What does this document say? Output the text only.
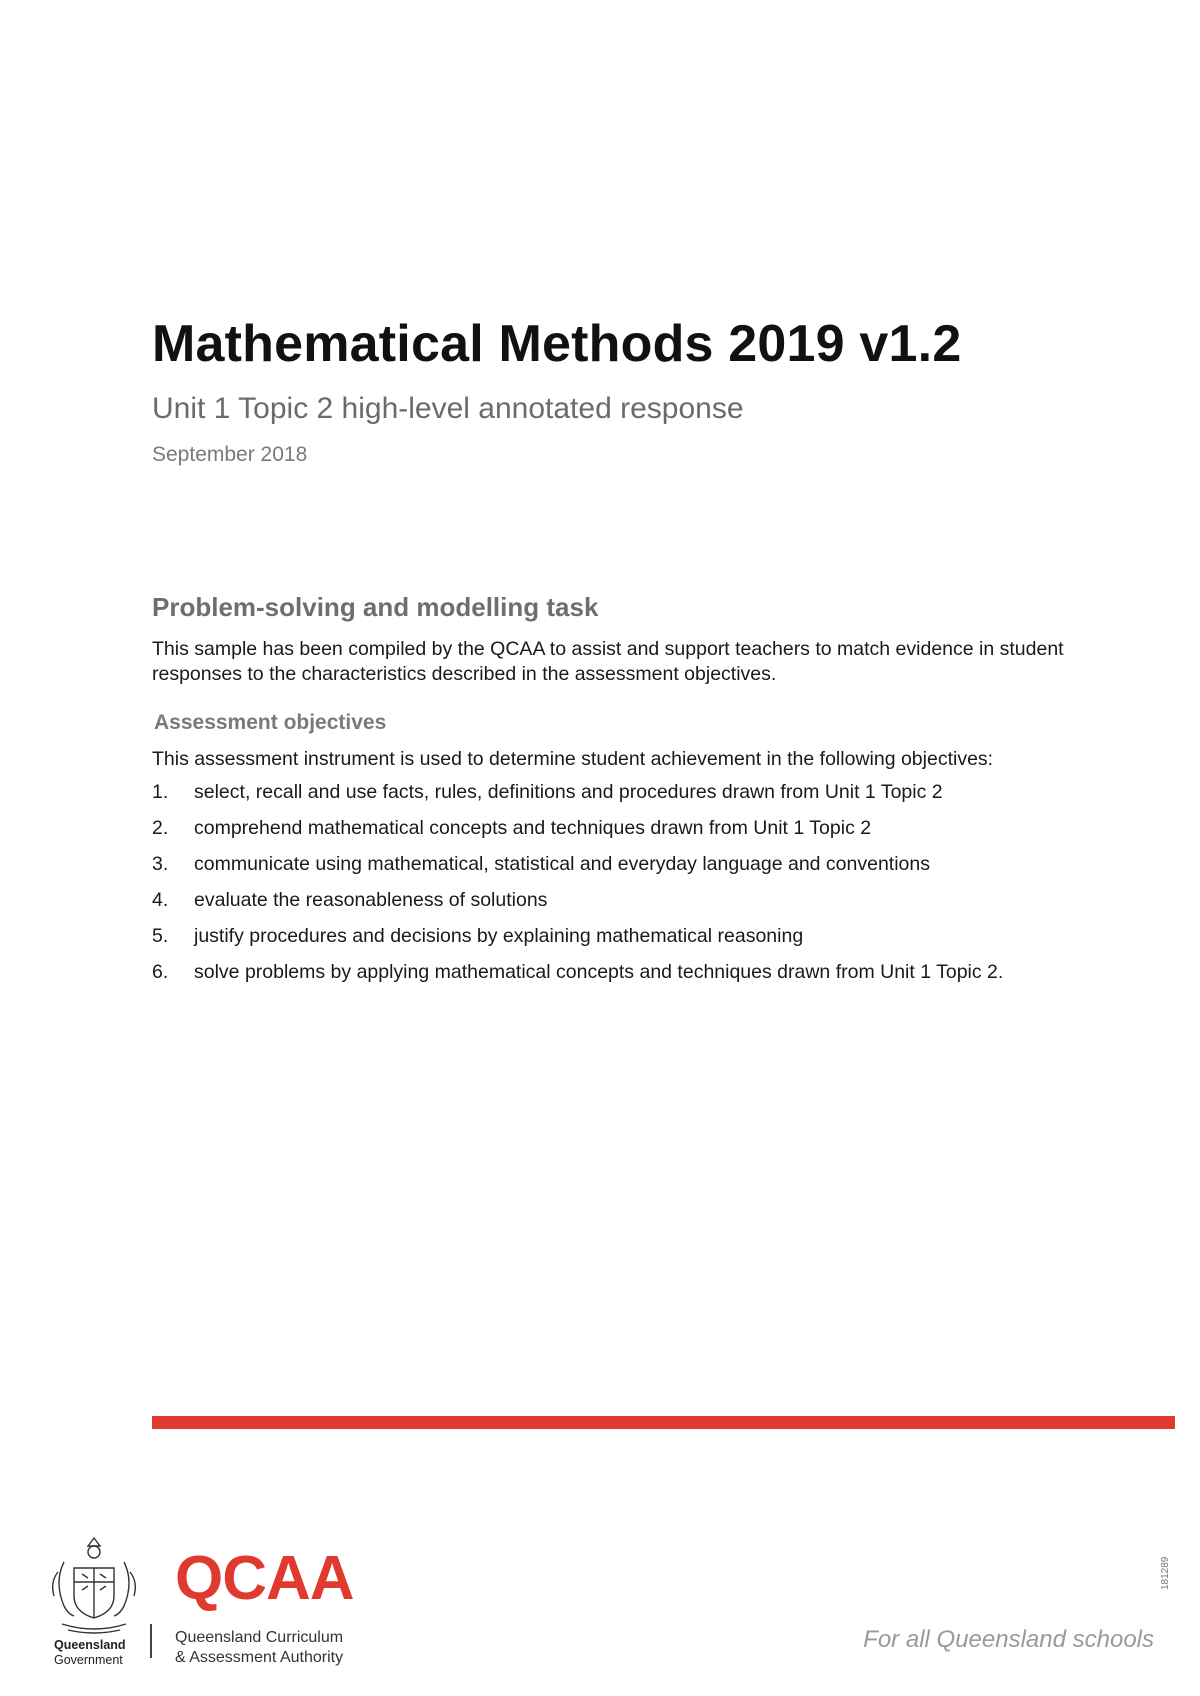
Mathematical Methods 2019 v1.2

Unit 1 Topic 2 high-level annotated response

September 2018

Problem-solving and modelling task

This sample has been compiled by the QCAA to assist and support teachers to match evidence in student responses to the characteristics described in the assessment objectives.

Assessment objectives

This assessment instrument is used to determine student achievement in the following objectives:

1.	select, recall and use facts, rules, definitions and procedures drawn from Unit 1 Topic 2
2.	comprehend mathematical concepts and techniques drawn from Unit 1 Topic 2
3.	communicate using mathematical, statistical and everyday language and conventions
4.	evaluate the reasonableness of solutions
5.	justify procedures and decisions by explaining mathematical reasoning
6.	solve problems by applying mathematical concepts and techniques drawn from Unit 1 Topic 2.
Queensland
Government
QCAA
Queensland Curriculum
& Assessment Authority
For all Queensland schools
181289
